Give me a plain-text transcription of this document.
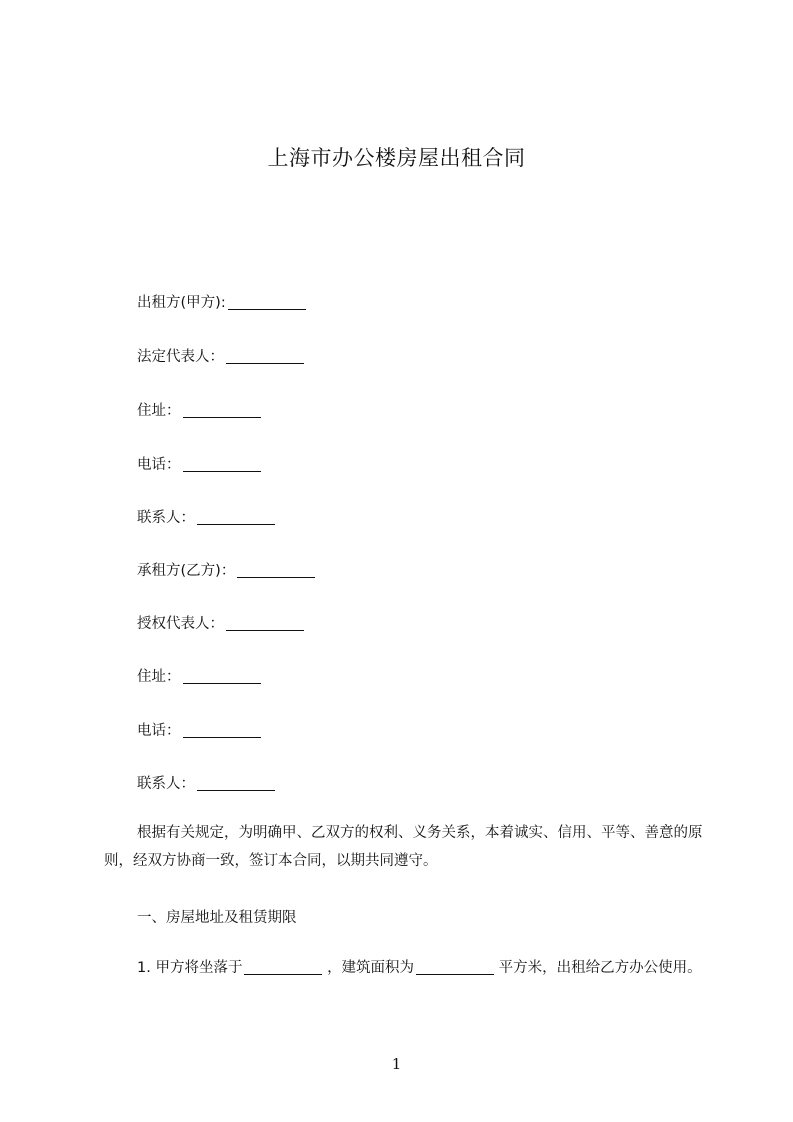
上海市办公楼房屋出租合同
出租方(甲方):
法定代表人：
住址：
电话：
联系人：
承租方(乙方)：
授权代表人：
住址：
电话：
联系人：
根据有关规定，为明确甲、乙双方的权利、义务关系，本着诚实、信用、平等、善意的原则，经双方协商一致，签订本合同，以期共同遵守。
一、房屋地址及租赁期限
1. 甲方将坐落于	，建筑面积为	平方米，出租给乙方办公使用。
1
